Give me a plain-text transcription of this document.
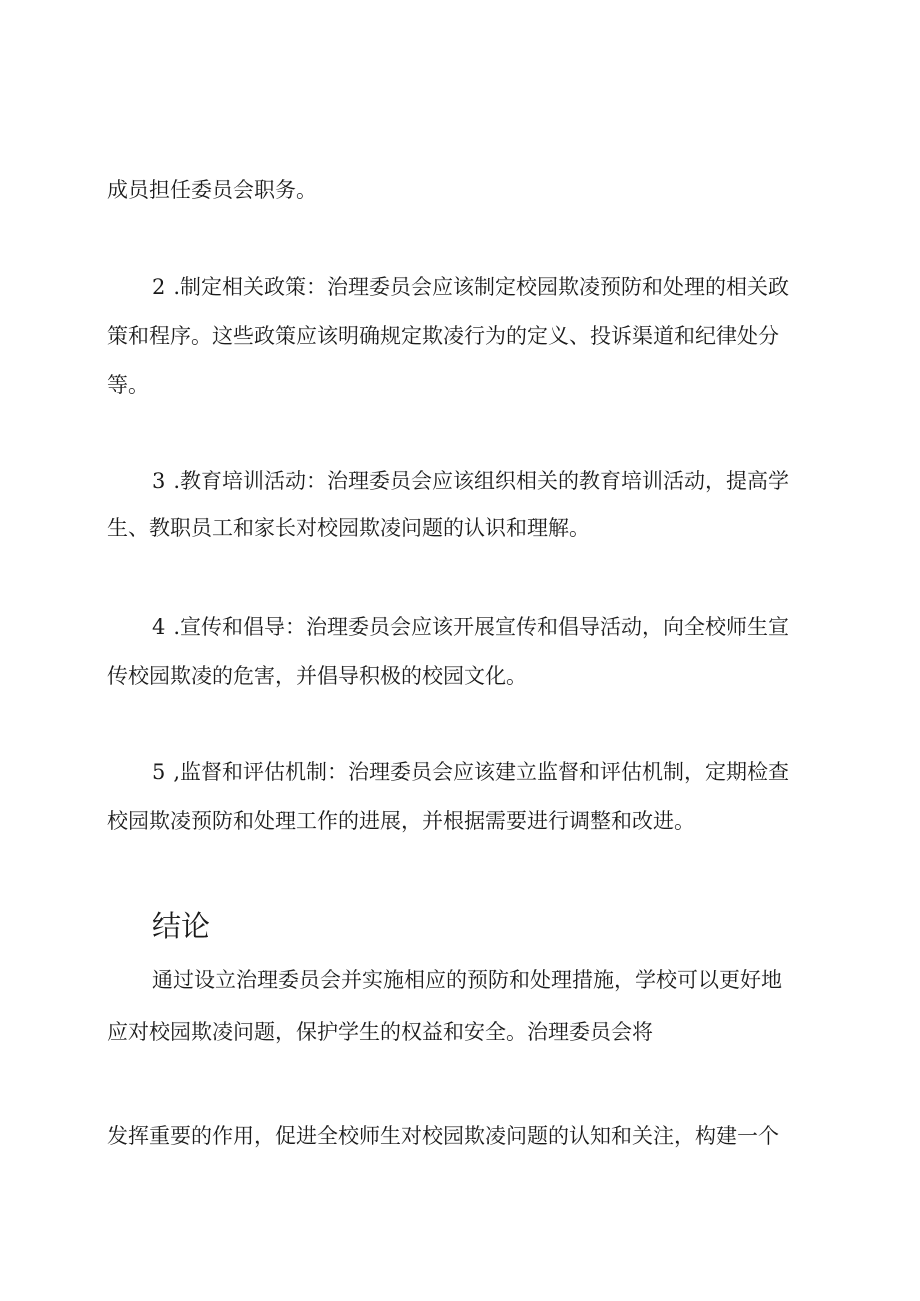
成员担任委员会职务。
2 .制定相关政策：治理委员会应该制定校园欺凌预防和处理的相关政
策和程序。这些政策应该明确规定欺凌行为的定义、投诉渠道和纪律处分
等。
3 .教育培训活动：治理委员会应该组织相关的教育培训活动，提高学
生、教职员工和家长对校园欺凌问题的认识和理解。
4 .宣传和倡导：治理委员会应该开展宣传和倡导活动，向全校师生宣
传校园欺凌的危害，并倡导积极的校园文化。
5 ,监督和评估机制：治理委员会应该建立监督和评估机制，定期检查
校园欺凌预防和处理工作的进展，并根据需要进行调整和改进。
结论
通过设立治理委员会并实施相应的预防和处理措施，学校可以更好地
应对校园欺凌问题，保护学生的权益和安全。治理委员会将
发挥重要的作用，促进全校师生对校园欺凌问题的认知和关注，构建一个
